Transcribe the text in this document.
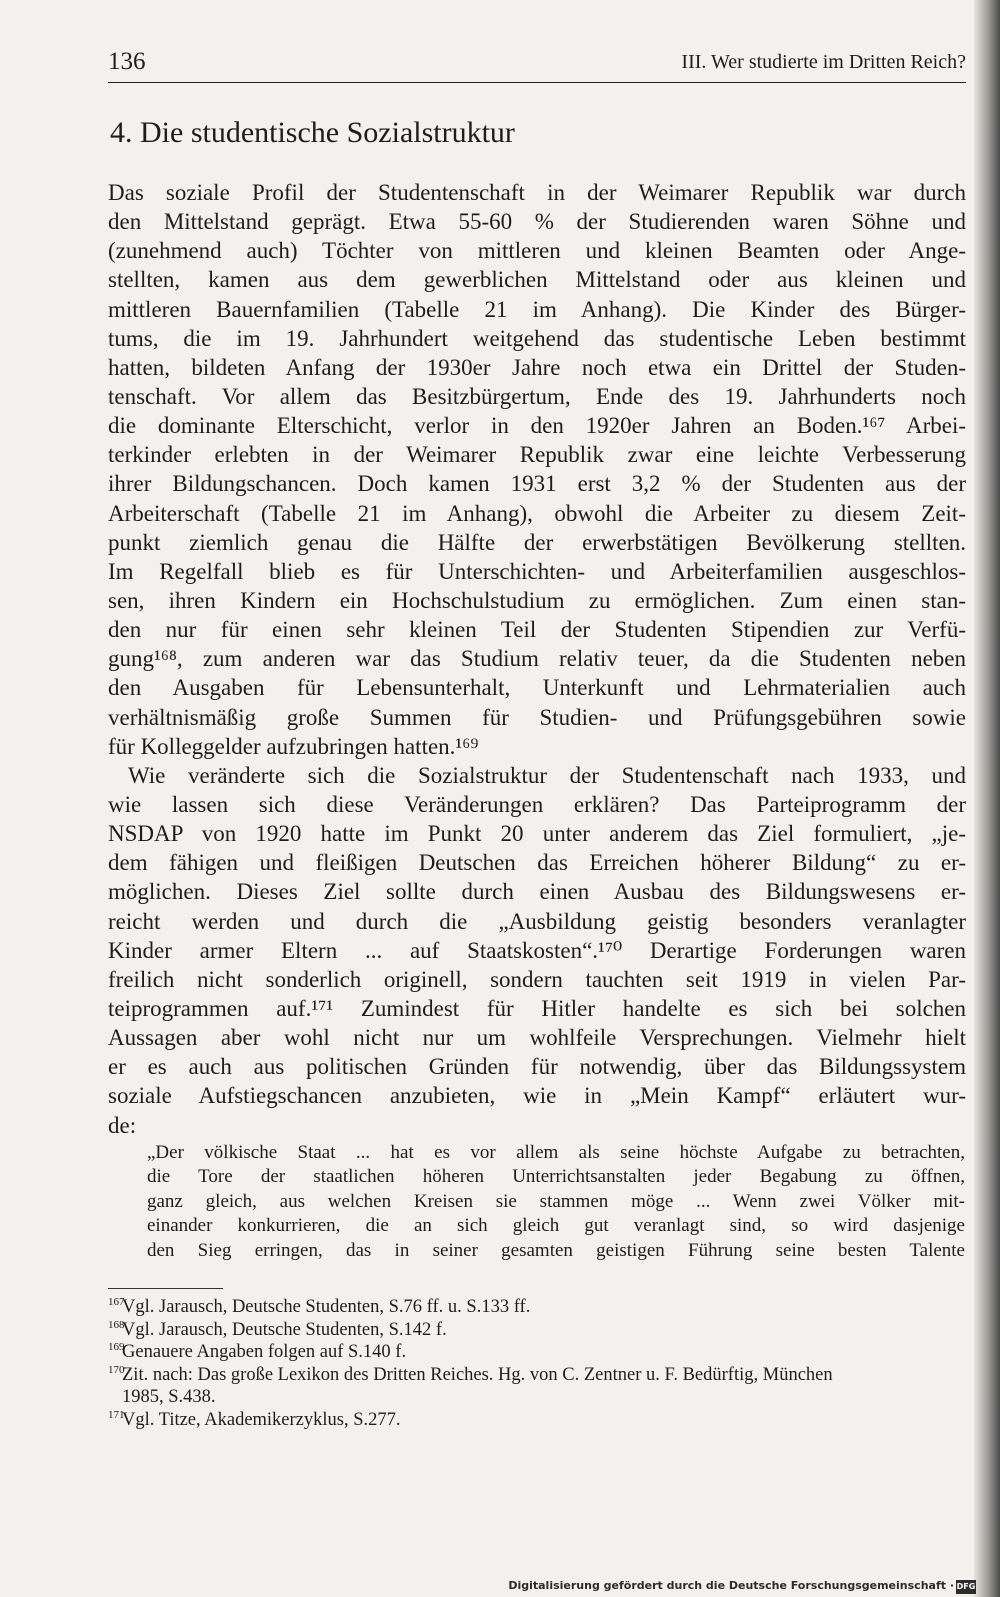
136	III. Wer studierte im Dritten Reich?
4. Die studentische Sozialstruktur
Das soziale Profil der Studentenschaft in der Weimarer Republik war durch
den Mittelstand geprägt. Etwa 55-60 % der Studierenden waren Söhne und
(zunehmend auch) Töchter von mittleren und kleinen Beamten oder Ange-
stellten, kamen aus dem gewerblichen Mittelstand oder aus kleinen und
mittleren Bauernfamilien (Tabelle 21 im Anhang). Die Kinder des Bürger-
tums, die im 19. Jahrhundert weitgehend das studentische Leben bestimmt
hatten, bildeten Anfang der 1930er Jahre noch etwa ein Drittel der Studen-
tenschaft. Vor allem das Besitzbürgertum, Ende des 19. Jahrhunderts noch
die dominante Elterschicht, verlor in den 1920er Jahren an Boden.¹⁶⁷ Arbei-
terkinder erlebten in der Weimarer Republik zwar eine leichte Verbesserung
ihrer Bildungschancen. Doch kamen 1931 erst 3,2 % der Studenten aus der
Arbeiterschaft (Tabelle 21 im Anhang), obwohl die Arbeiter zu diesem Zeit-
punkt ziemlich genau die Hälfte der erwerbstätigen Bevölkerung stellten.
Im Regelfall blieb es für Unterschichten- und Arbeiterfamilien ausgeschlos-
sen, ihren Kindern ein Hochschulstudium zu ermöglichen. Zum einen stan-
den nur für einen sehr kleinen Teil der Studenten Stipendien zur Verfü-
gung¹⁶⁸, zum anderen war das Studium relativ teuer, da die Studenten neben
den Ausgaben für Lebensunterhalt, Unterkunft und Lehrmaterialien auch
verhältnismäßig große Summen für Studien- und Prüfungsgebühren sowie
für Kolleggelder aufzubringen hatten.¹⁶⁹
Wie veränderte sich die Sozialstruktur der Studentenschaft nach 1933, und
wie lassen sich diese Veränderungen erklären? Das Parteiprogramm der
NSDAP von 1920 hatte im Punkt 20 unter anderem das Ziel formuliert, „je-
dem fähigen und fleißigen Deutschen das Erreichen höherer Bildung“ zu er-
möglichen. Dieses Ziel sollte durch einen Ausbau des Bildungswesens er-
reicht werden und durch die „Ausbildung geistig besonders veranlagter
Kinder armer Eltern ... auf Staatskosten“.¹⁷⁰ Derartige Forderungen waren
freilich nicht sonderlich originell, sondern tauchten seit 1919 in vielen Par-
teiprogrammen auf.¹⁷¹ Zumindest für Hitler handelte es sich bei solchen
Aussagen aber wohl nicht nur um wohlfeile Versprechungen. Vielmehr hielt
er es auch aus politischen Gründen für notwendig, über das Bildungssystem
soziale Aufstiegschancen anzubieten, wie in „Mein Kampf“ erläutert wur-
de:
„Der völkische Staat ... hat es vor allem als seine höchste Aufgabe zu betrachten,
die Tore der staatlichen höheren Unterrichtsanstalten jeder Begabung zu öffnen,
ganz gleich, aus welchen Kreisen sie stammen möge ... Wenn zwei Völker mit-
einander konkurrieren, die an sich gleich gut veranlagt sind, so wird dasjenige
den Sieg erringen, das in seiner gesamten geistigen Führung seine besten Talente
167
Vgl. Jarausch, Deutsche Studenten, S.76 ff. u. S.133 ff.
168
Vgl. Jarausch, Deutsche Studenten, S.142 f.
169
Genauere Angaben folgen auf S.140 f.
170
Zit. nach: Das große Lexikon des Dritten Reiches. Hg. von C. Zentner u. F. Bedürftig, München
1985, S.438.
171
Vgl. Titze, Akademikerzyklus, S.277.
Digitalisierung gefördert durch die Deutsche Forschungsgemeinschaft · DFG
